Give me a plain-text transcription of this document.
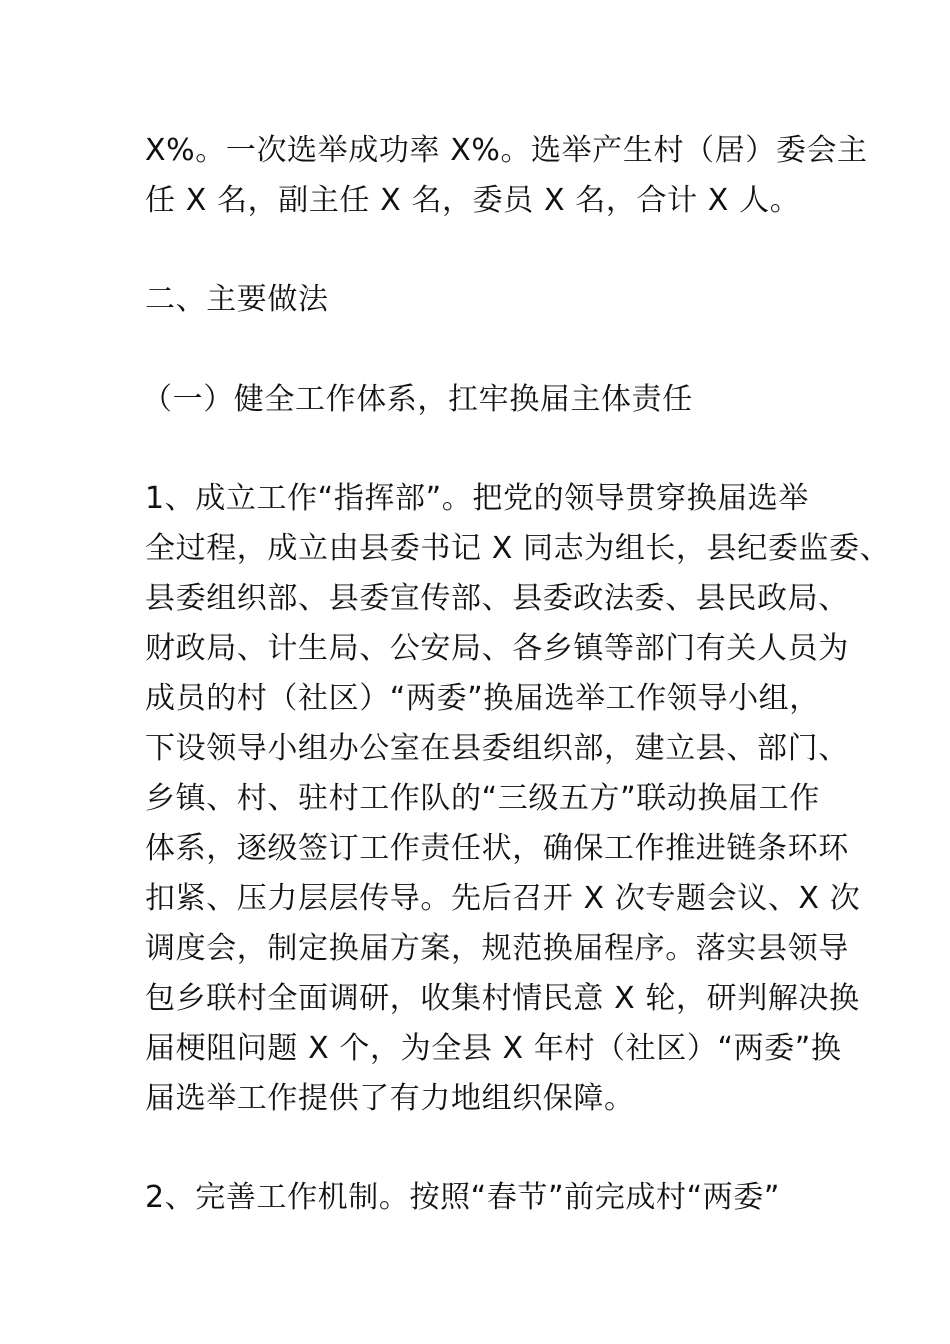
X%。一次选举成功率 X%。选举产生村（居）委会主
任 X 名，副主任 X 名，委员 X 名，合计 X 人。
二、主要做法
（一）健全工作体系，扛牢换届主体责任
1、成立工作“指挥部”。把党的领导贯穿换届选举
全过程，成立由县委书记 X 同志为组长，县纪委监委、
县委组织部、县委宣传部、县委政法委、县民政局、
财政局、计生局、公安局、各乡镇等部门有关人员为
成员的村（社区）“两委”换届选举工作领导小组，
下设领导小组办公室在县委组织部，建立县、部门、
乡镇、村、驻村工作队的“三级五方”联动换届工作
体系，逐级签订工作责任状，确保工作推进链条环环
扣紧、压力层层传导。先后召开 X 次专题会议、X 次
调度会，制定换届方案，规范换届程序。落实县领导
包乡联村全面调研，收集村情民意 X 轮，研判解决换
届梗阻问题 X 个，为全县 X 年村（社区）“两委”换
届选举工作提供了有力地组织保障。
2、完善工作机制。按照“春节”前完成村“两委”
